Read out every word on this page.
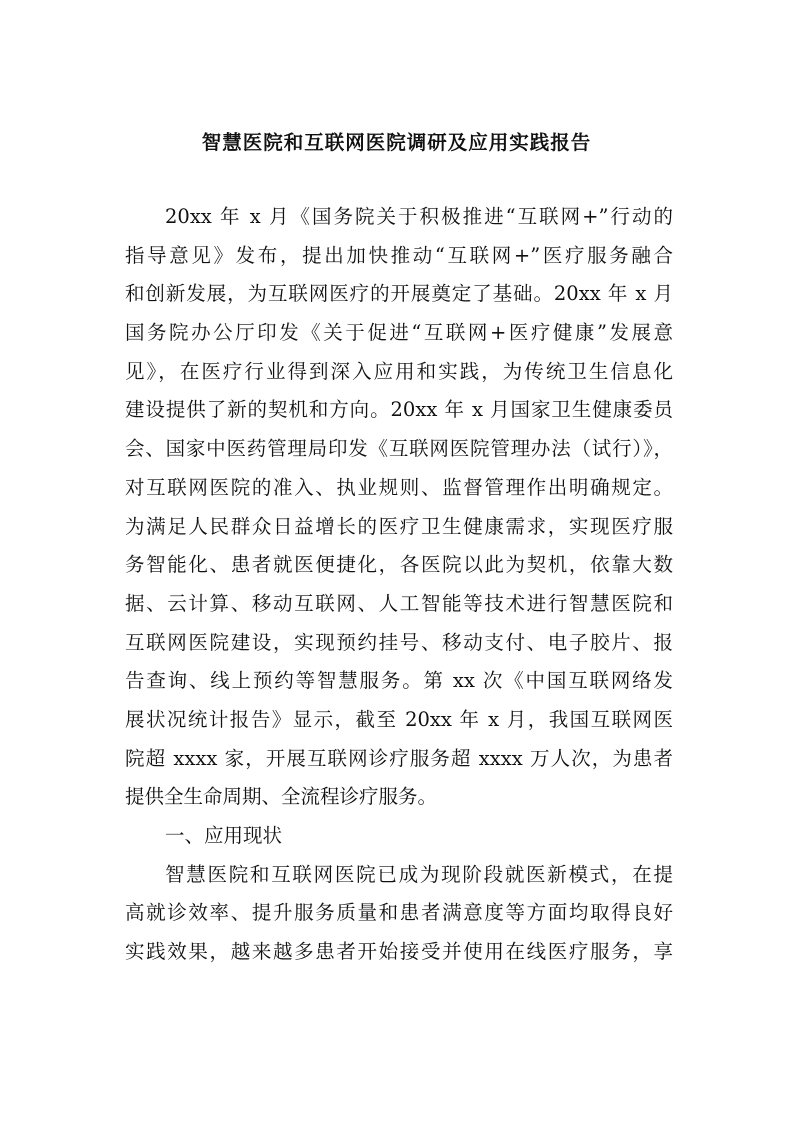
智慧医院和互联网医院调研及应用实践报告
20xx 年 x 月《国务院关于积极推进“互联网+”行动的
指导意见》发布，提出加快推动“互联网+”医疗服务融合
和创新发展，为互联网医疗的开展奠定了基础。20xx 年 x 月
国务院办公厅印发《关于促进“互联网+医疗健康”发展意
见》，在医疗行业得到深入应用和实践，为传统卫生信息化
建设提供了新的契机和方向。20xx 年 x 月国家卫生健康委员
会、国家中医药管理局印发《互联网医院管理办法（试行）》，
对互联网医院的准入、执业规则、监督管理作出明确规定。
为满足人民群众日益增长的医疗卫生健康需求，实现医疗服
务智能化、患者就医便捷化，各医院以此为契机，依靠大数
据、云计算、移动互联网、人工智能等技术进行智慧医院和
互联网医院建设，实现预约挂号、移动支付、电子胶片、报
告查询、线上预约等智慧服务。第 xx 次《中国互联网络发
展状况统计报告》显示，截至 20xx 年 x 月，我国互联网医
院超 xxxx 家，开展互联网诊疗服务超 xxxx 万人次，为患者
提供全生命周期、全流程诊疗服务。
一、应用现状
智慧医院和互联网医院已成为现阶段就医新模式，在提
高就诊效率、提升服务质量和患者满意度等方面均取得良好
实践效果，越来越多患者开始接受并使用在线医疗服务，享
